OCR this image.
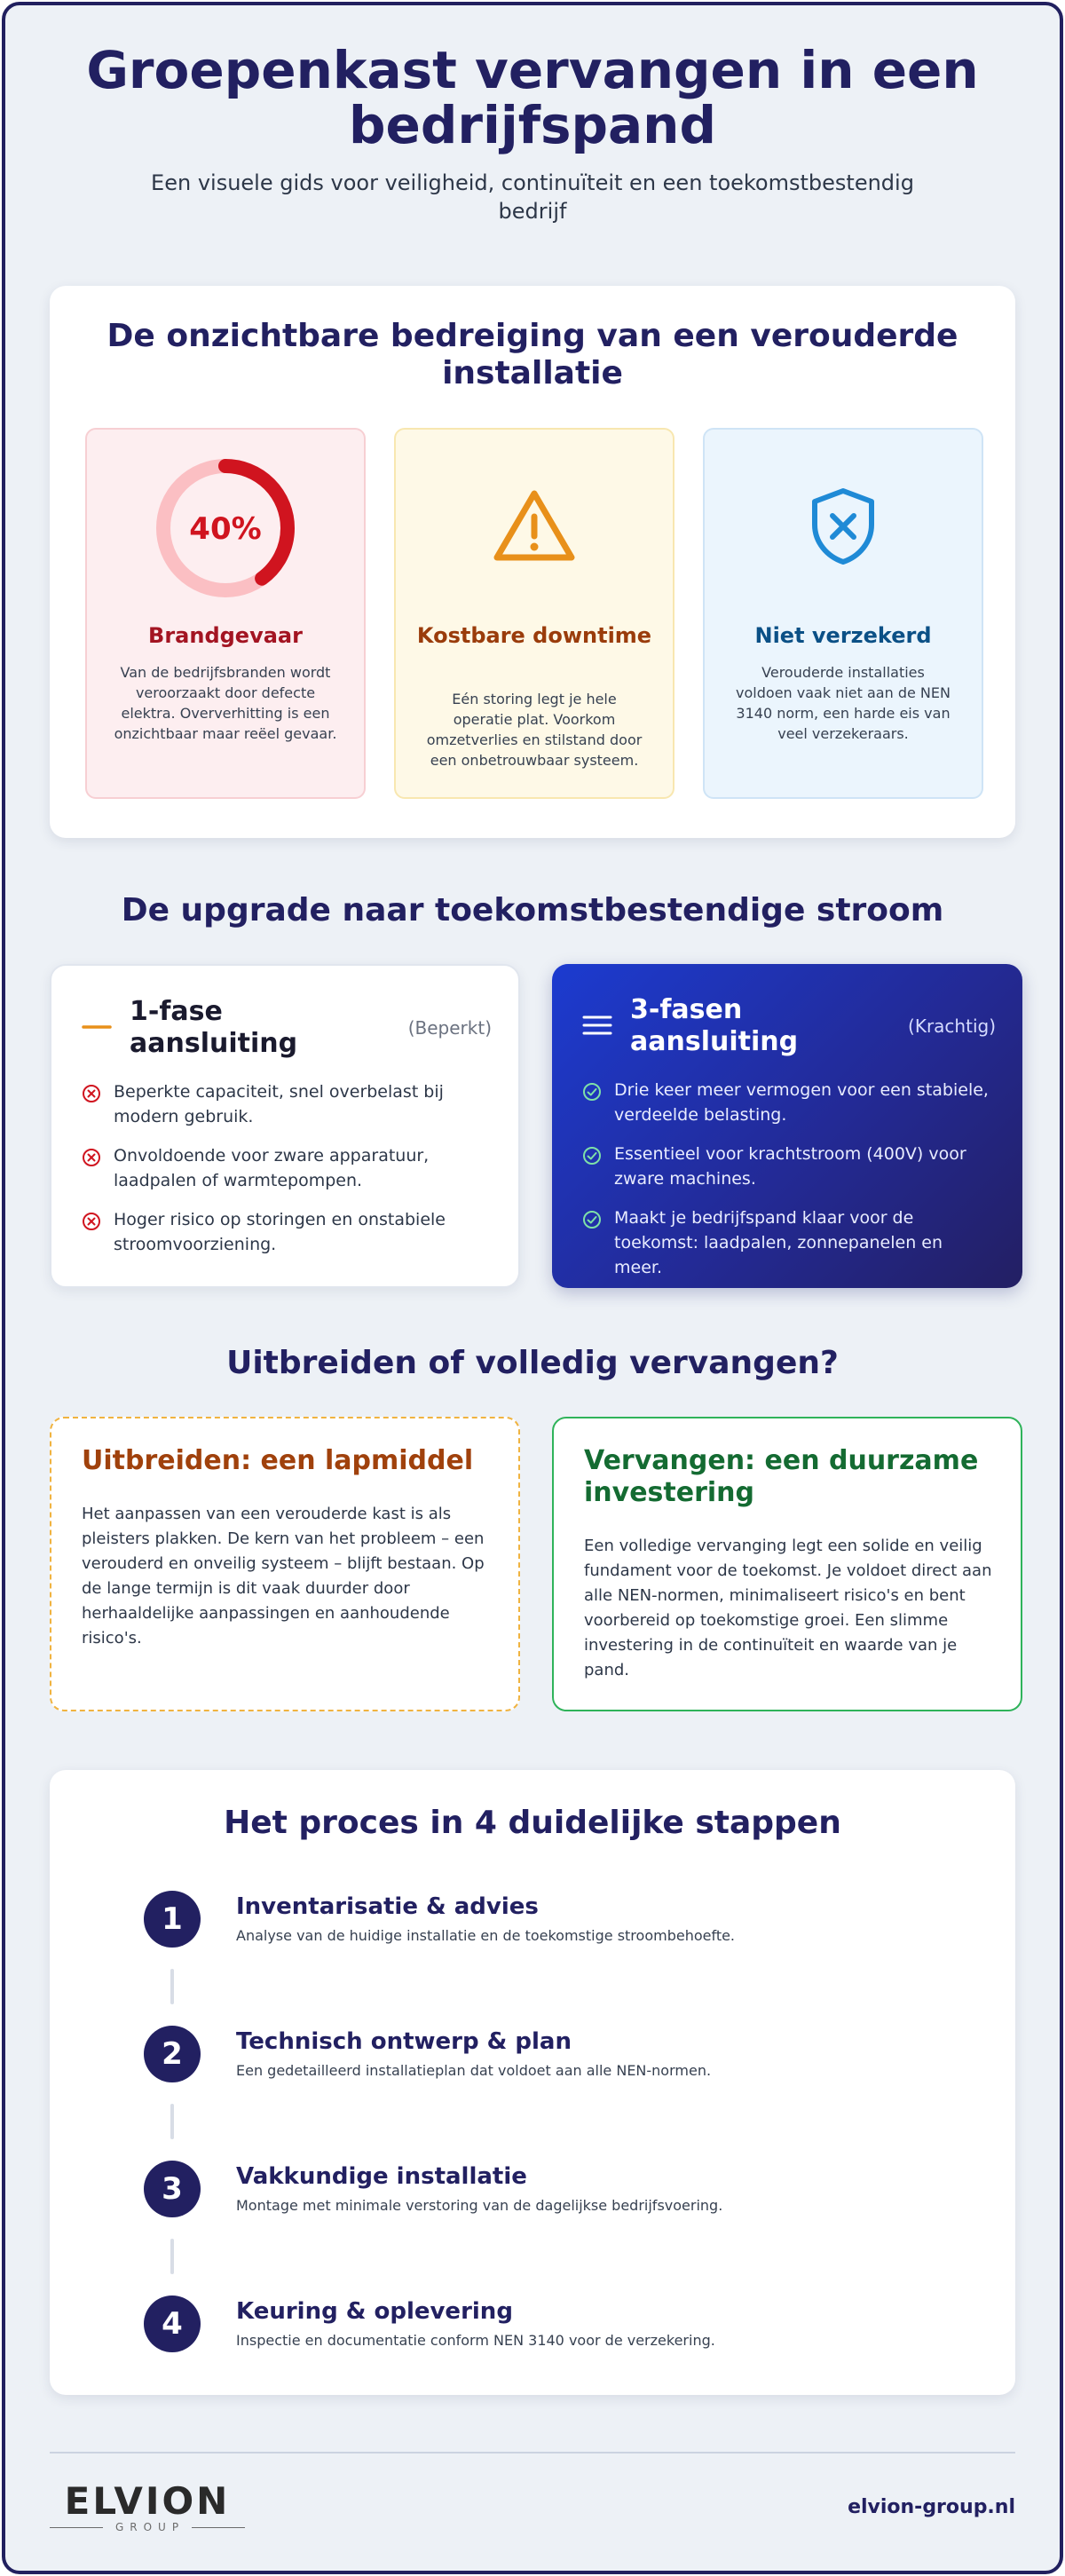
Groepenkast vervangen in een bedrijfspand

Een visuele gids voor veiligheid, continuïteit en een toekomstbestendig bedrijf

De onzichtbare bedreiging van een verouderde installatie
40%
Brandgevaar
Van de bedrijfsbranden wordt veroorzaakt door defecte elektra. Oververhitting is een onzichtbaar maar reëel gevaar.
Kostbare downtime
Eén storing legt je hele operatie plat. Voorkom omzetverlies en stilstand door een onbetrouwbaar systeem.
Niet verzekerd
Verouderde installaties voldoen vaak niet aan de NEN 3140 norm, een harde eis van veel verzekeraars.
De upgrade naar toekomstbestendige stroom
1-fase aansluiting	(Beperkt)
Beperkte capaciteit, snel overbelast bij modern gebruik.
Onvoldoende voor zware apparatuur, laadpalen of warmtepompen.
Hoger risico op storingen en onstabiele stroomvoorziening.
3-fasen aansluiting	(Krachtig)
Drie keer meer vermogen voor een stabiele, verdeelde belasting.
Essentieel voor krachtstroom (400V) voor zware machines.
Maakt je bedrijfspand klaar voor de toekomst: laadpalen, zonnepanelen en meer.
Uitbreiden of volledig vervangen?
Uitbreiden: een lapmiddel
Het aanpassen van een verouderde kast is als pleisters plakken. De kern van het probleem – een verouderd en onveilig systeem – blijft bestaan. Op de lange termijn is dit vaak duurder door herhaaldelijke aanpassingen en aanhoudende risico's.
Vervangen: een duurzame investering
Een volledige vervanging legt een solide en veilig fundament voor de toekomst. Je voldoet direct aan alle NEN-normen, minimaliseert risico's en bent voorbereid op toekomstige groei. Een slimme investering in de continuïteit en waarde van je pand.
Het proces in 4 duidelijke stappen
1	Inventarisatie & advies
Analyse van de huidige installatie en de toekomstige stroombehoefte.
2	Technisch ontwerp & plan
Een gedetailleerd installatieplan dat voldoet aan alle NEN-normen.
3	Vakkundige installatie
Montage met minimale verstoring van de dagelijkse bedrijfsvoering.
4	Keuring & oplevering
Inspectie en documentatie conform NEN 3140 voor de verzekering.
ELVION
GROUP
elvion-group.nl
